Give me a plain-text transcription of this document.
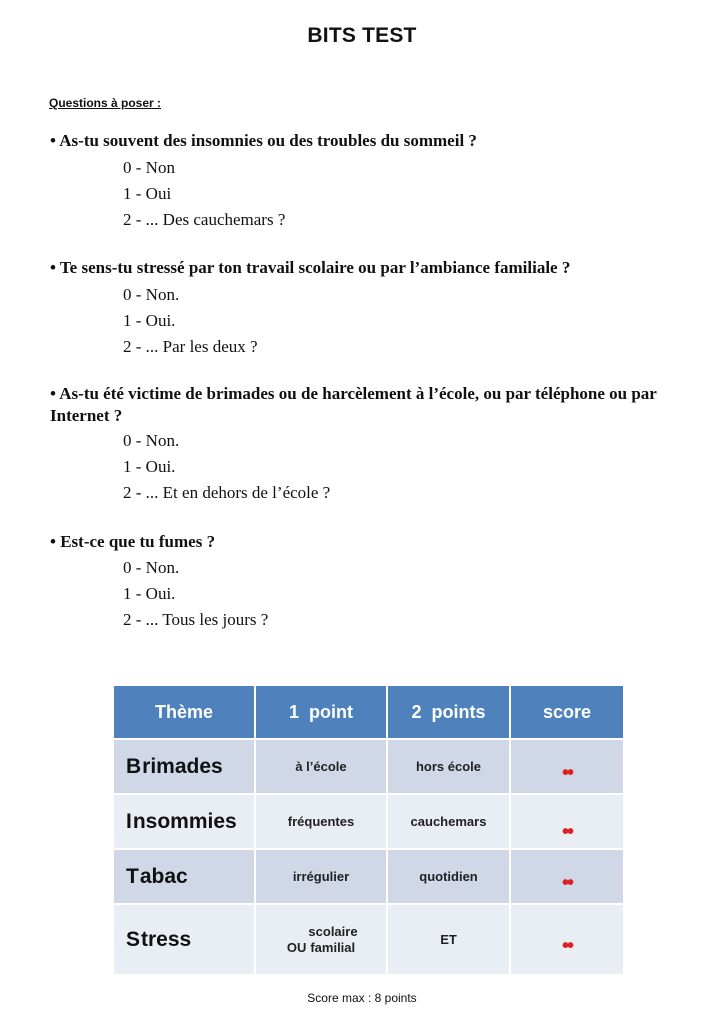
BITS TEST
Questions à poser :
• As-tu souvent des insomnies ou des troubles du sommeil ?
0 - Non
1 - Oui
2 - ... Des cauchemars ?
• Te sens-tu stressé par ton travail scolaire ou par l’ambiance familiale ?
0 - Non.
1 - Oui.
2 - ... Par les deux ?
• As-tu été victime de brimades ou de harcèlement à l’école, ou par téléphone ou par Internet ?
0 - Non.
1 - Oui.
2 - ... Et en dehors de l’école ?
• Est-ce que tu fumes ?
0 - Non.
1 - Oui.
2 - ... Tous les jours ?
Thème	1  point	2  points	score
Brimades	à l’école	hors école	••
Insommies	fréquentes	cauchemars	••
Tabac	irrégulier	quotidien	••
Stress	scolaire
OU familial	ET	••
Score max : 8 points
